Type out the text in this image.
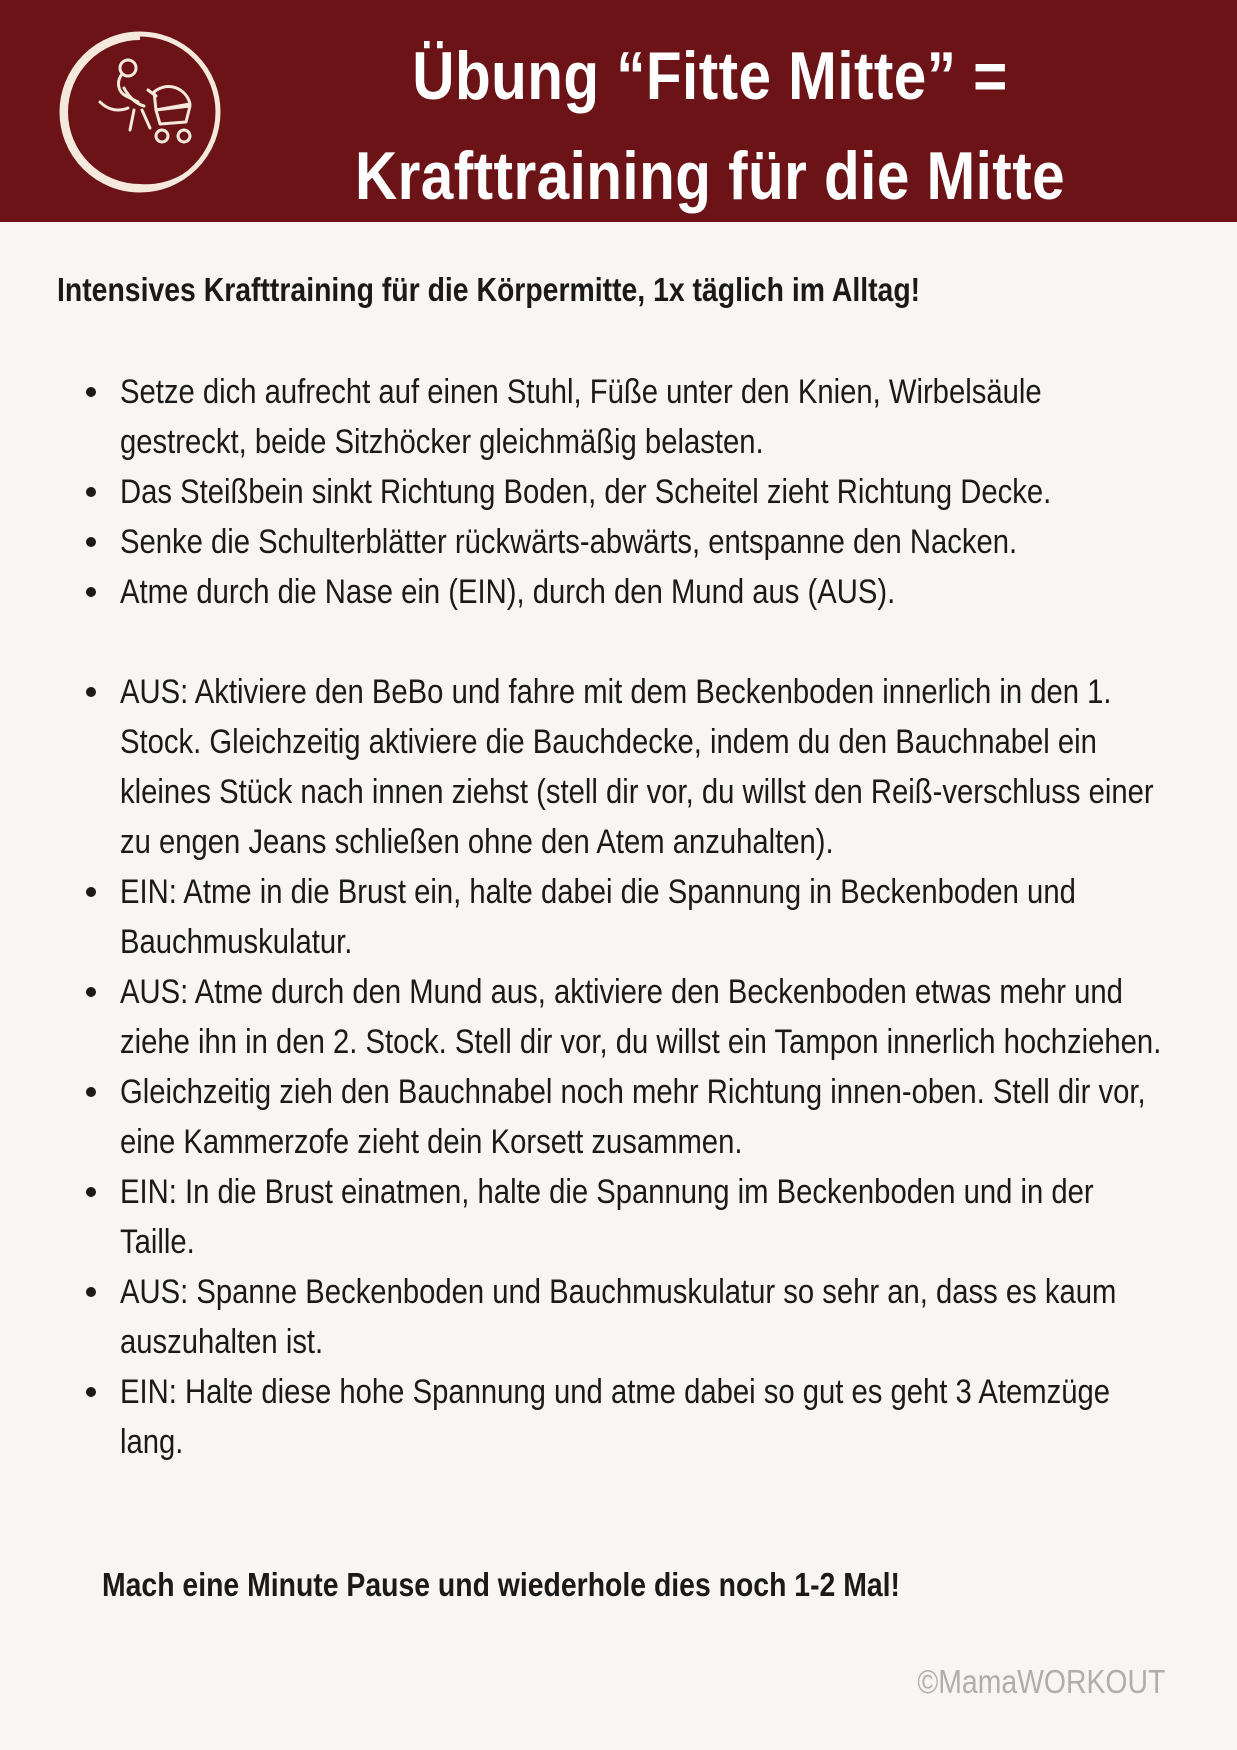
Übung “Fitte Mitte” =
Krafttraining für die Mitte
Intensives Krafttraining für die Körpermitte, 1x täglich im Alltag!
Setze dich aufrecht auf einen Stuhl, Füße unter den Knien, Wirbelsäule gestreckt, beide Sitzhöcker gleichmäßig belasten.
Das Steißbein sinkt Richtung Boden, der Scheitel zieht Richtung Decke.
Senke die Schulterblätter rückwärts-abwärts, entspanne den Nacken.
Atme durch die Nase ein (EIN), durch den Mund aus (AUS).
AUS: Aktiviere den BeBo und fahre mit dem Beckenboden innerlich in den 1. Stock. Gleichzeitig aktiviere die Bauchdecke, indem du den Bauchnabel ein kleines Stück nach innen ziehst (stell dir vor, du willst den Reiß-verschluss einer zu engen Jeans schließen ohne den Atem anzuhalten).
EIN: Atme in die Brust ein, halte dabei die Spannung in Beckenboden und Bauchmuskulatur.
AUS: Atme durch den Mund aus, aktiviere den Beckenboden etwas mehr und ziehe ihn in den 2. Stock. Stell dir vor, du willst ein Tampon innerlich hochziehen.
Gleichzeitig zieh den Bauchnabel noch mehr Richtung innen-oben. Stell dir vor, eine Kammerzofe zieht dein Korsett zusammen.
EIN: In die Brust einatmen, halte die Spannung im Beckenboden und in der Taille.
AUS: Spanne Beckenboden und Bauchmuskulatur so sehr an, dass es kaum auszuhalten ist.
EIN: Halte diese hohe Spannung und atme dabei so gut es geht 3 Atemzüge lang.
Mach eine Minute Pause und wiederhole dies noch 1-2 Mal!
©MamaWORKOUT
